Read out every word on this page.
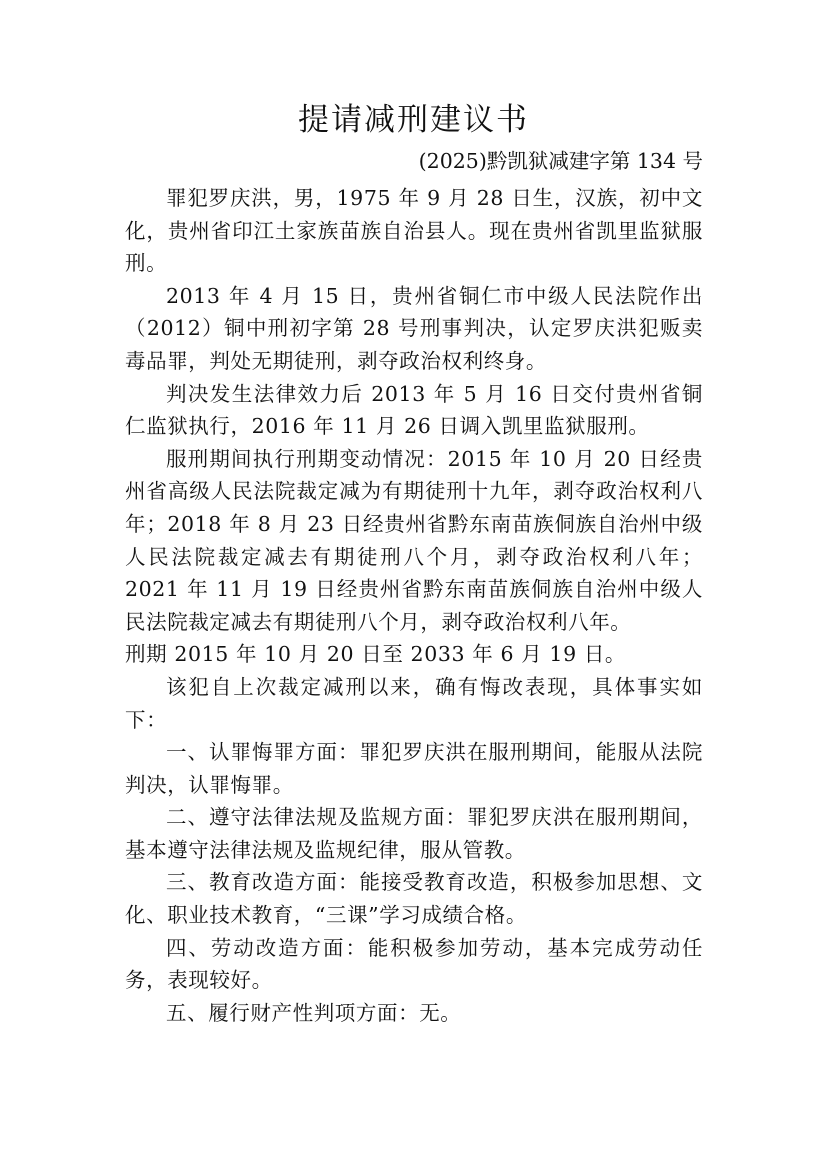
提请减刑建议书
(2025)黔凯狱减建字第 134 号

罪犯罗庆洪，男，1975 年 9 月 28 日生，汉族，初中文化，贵州省印江土家族苗族自治县人。现在贵州省凯里监狱服刑。

2013 年 4 月 15 日，贵州省铜仁市中级人民法院作出（2012）铜中刑初字第 28 号刑事判决，认定罗庆洪犯贩卖毒品罪，判处无期徒刑，剥夺政治权利终身。

判决发生法律效力后 2013 年 5 月 16 日交付贵州省铜仁监狱执行，2016 年 11 月 26 日调入凯里监狱服刑。

服刑期间执行刑期变动情况：2015 年 10 月 20 日经贵州省高级人民法院裁定减为有期徒刑十九年，剥夺政治权利八年；2018 年 8 月 23 日经贵州省黔东南苗族侗族自治州中级人民法院裁定减去有期徒刑八个月，剥夺政治权利八年；2021 年 11 月 19 日经贵州省黔东南苗族侗族自治州中级人民法院裁定减去有期徒刑八个月，剥夺政治权利八年。

刑期 2015 年 10 月 20 日至 2033 年 6 月 19 日。

该犯自上次裁定减刑以来，确有悔改表现，具体事实如下：

一、认罪悔罪方面：罪犯罗庆洪在服刑期间，能服从法院判决，认罪悔罪。

二、遵守法律法规及监规方面：罪犯罗庆洪在服刑期间，基本遵守法律法规及监规纪律，服从管教。

三、教育改造方面：能接受教育改造，积极参加思想、文化、职业技术教育，“三课”学习成绩合格。

四、劳动改造方面：能积极参加劳动，基本完成劳动任务，表现较好。

五、履行财产性判项方面：无。
